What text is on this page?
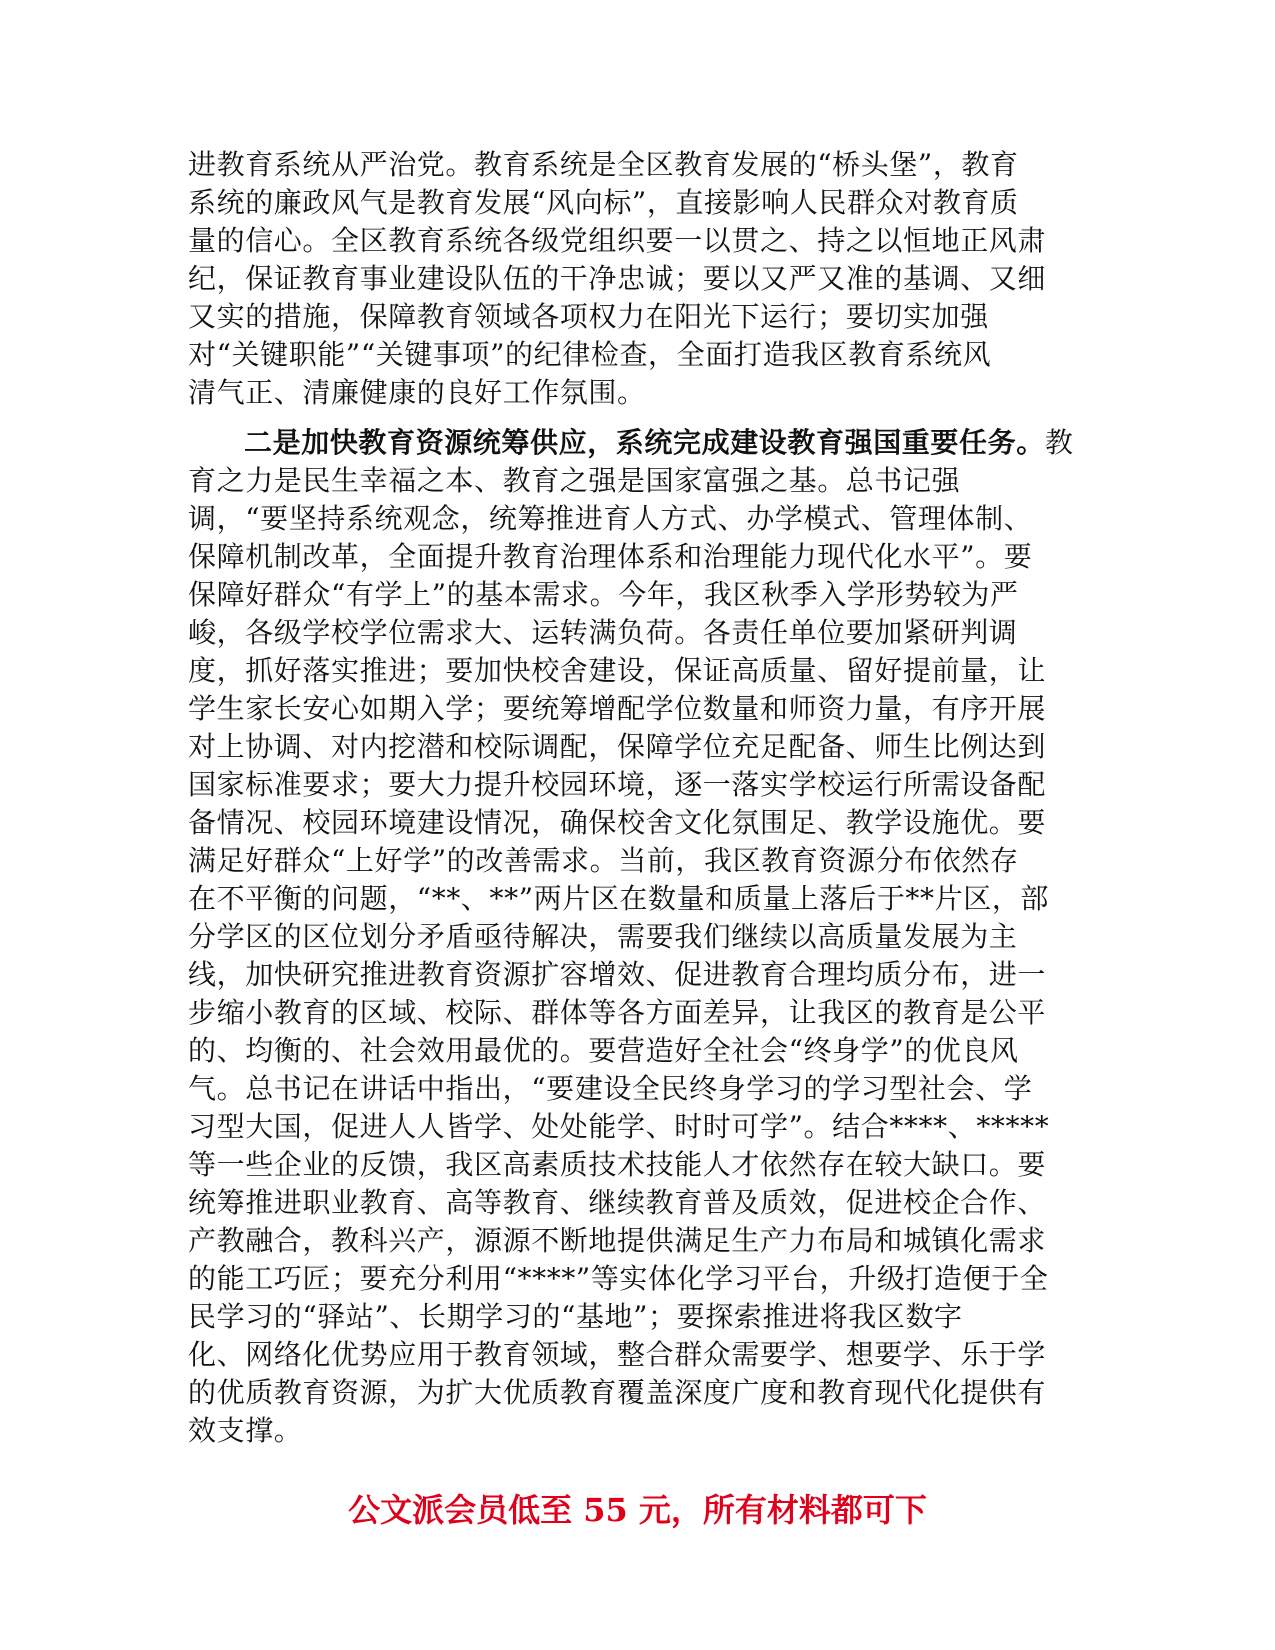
进教育系统从严治党。教育系统是全区教育发展的“桥头堡”，教育
系统的廉政风气是教育发展“风向标”，直接影响人民群众对教育质
量的信心。全区教育系统各级党组织要一以贯之、持之以恒地正风肃
纪，保证教育事业建设队伍的干净忠诚；要以又严又准的基调、又细
又实的措施，保障教育领域各项权力在阳光下运行；要切实加强
对“关键职能”“关键事项”的纪律检查，全面打造我区教育系统风
清气正、清廉健康的良好工作氛围。
二是加快教育资源统筹供应，系统完成建设教育强国重要任务。教
育之力是民生幸福之本、教育之强是国家富强之基。总书记强
调，“要坚持系统观念，统筹推进育人方式、办学模式、管理体制、
保障机制改革，全面提升教育治理体系和治理能力现代化水平”。要
保障好群众“有学上”的基本需求。今年，我区秋季入学形势较为严
峻，各级学校学位需求大、运转满负荷。各责任单位要加紧研判调
度，抓好落实推进；要加快校舍建设，保证高质量、留好提前量，让
学生家长安心如期入学；要统筹增配学位数量和师资力量，有序开展
对上协调、对内挖潜和校际调配，保障学位充足配备、师生比例达到
国家标准要求；要大力提升校园环境，逐一落实学校运行所需设备配
备情况、校园环境建设情况，确保校舍文化氛围足、教学设施优。要
满足好群众“上好学”的改善需求。当前，我区教育资源分布依然存
在不平衡的问题，“**、**”两片区在数量和质量上落后于**片区，部
分学区的区位划分矛盾亟待解决，需要我们继续以高质量发展为主
线，加快研究推进教育资源扩容增效、促进教育合理均质分布，进一
步缩小教育的区域、校际、群体等各方面差异，让我区的教育是公平
的、均衡的、社会效用最优的。要营造好全社会“终身学”的优良风
气。总书记在讲话中指出，“要建设全民终身学习的学习型社会、学
习型大国，促进人人皆学、处处能学、时时可学”。结合****、*****
等一些企业的反馈，我区高素质技术技能人才依然存在较大缺口。要
统筹推进职业教育、高等教育、继续教育普及质效，促进校企合作、
产教融合，教科兴产，源源不断地提供满足生产力布局和城镇化需求
的能工巧匠；要充分利用“****”等实体化学习平台，升级打造便于全
民学习的“驿站”、长期学习的“基地”；要探索推进将我区数字
化、网络化优势应用于教育领域，整合群众需要学、想要学、乐于学
的优质教育资源，为扩大优质教育覆盖深度广度和教育现代化提供有
效支撑。
公文派会员低至 55 元，所有材料都可下
